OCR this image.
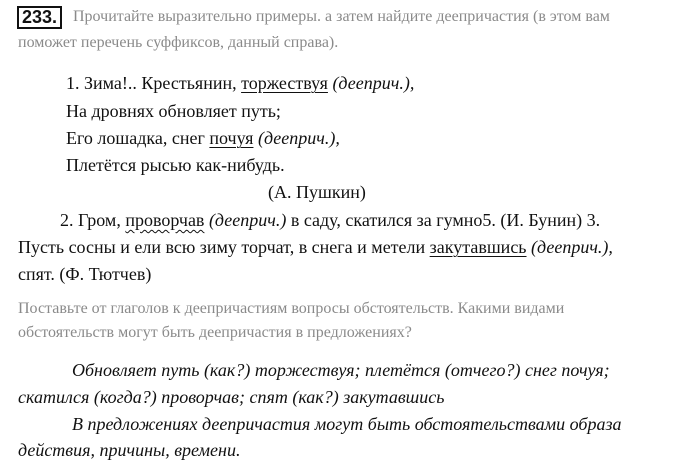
233. Прочитайте выразительно примеры. а затем найдите деепричастия (в этом вам
поможет перечень суффиксов, данный справа).
1. Зима!.. Крестьянин, торжествуя (дееприч.),
На дровнях обновляет путь;
Его лошадка, снег почуя (дееприч.),
Плетётся рысью как-нибудь.
(А. Пушкин)
2. Гром, проворчав (дееприч.) в саду, скатился за гумно5. (И. Бунин) 3.
Пусть сосны и ели всю зиму торчат, в снега и метели закутавшись (дееприч.),
спят. (Ф. Тютчев)
Поставьте от глаголов к деепричастиям вопросы обстоятельств. Какими видами
обстоятельств могут быть деепричастия в предложениях?
Обновляет путь (как?) торжествуя; плетётся (отчего?) снег почуя;
скатился (когда?) проворчав; спят (как?) закутавшись
В предложениях деепричастия могут быть обстоятельствами образа
действия, причины, времени.
